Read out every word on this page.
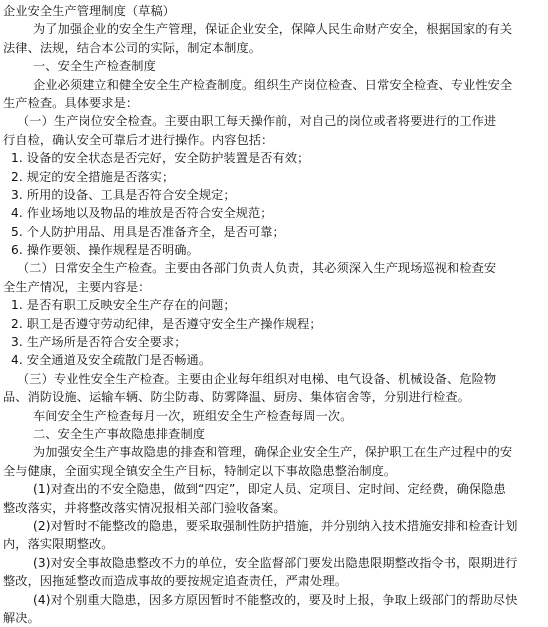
企业安全生产管理制度（草稿）
为了加强企业的安全生产管理，保证企业安全，保障人民生命财产安全，根据国家的有关
法律、法规，结合本公司的实际，制定本制度。
一、安全生产检查制度
企业必须建立和健全安全生产检查制度。组织生产岗位检查、日常安全检查、专业性安全
生产检查。具体要求是：
（一）生产岗位安全检查。主要由职工每天操作前，对自己的岗位或者将要进行的工作进
行自检，确认安全可靠后才进行操作。内容包括：
1. 设备的安全状态是否完好，安全防护装置是否有效；
2. 规定的安全措施是否落实；
3. 所用的设备、工具是否符合安全规定；
4. 作业场地以及物品的堆放是否符合安全规范；
5. 个人防护用品、用具是否准备齐全，是否可靠；
6. 操作要领、操作规程是否明确。
（二）日常安全生产检查。主要由各部门负责人负责，其必须深入生产现场巡视和检查安
全生产情况，主要内容是：
1. 是否有职工反映安全生产存在的问题；
2. 职工是否遵守劳动纪律，是否遵守安全生产操作规程；
3. 生产场所是否符合安全要求；
4. 安全通道及安全疏散门是否畅通。
（三）专业性安全生产检查。主要由企业每年组织对电梯、电气设备、机械设备、危险物
品、消防设施、运输车辆、防尘防毒、防雾降温、厨房、集体宿舍等，分别进行检查。
车间安全生产检查每月一次，班组安全生产检查每周一次。
二、安全生产事故隐患排查制度
为加强安全生产事故隐患的排查和管理，确保企业安全生产，保护职工在生产过程中的安
全与健康，全面实现全镇安全生产目标，特制定以下事故隐患整治制度。
(1)对查出的不安全隐患，做到“四定”，即定人员、定项目、定时间、定经费，确保隐患
整改落实，并将整改落实情况报相关部门验收备案。
(2)对暂时不能整改的隐患，要采取强制性防护措施，并分别纳入技术措施安排和检查计划
内，落实限期整改。
(3)对安全事故隐患整改不力的单位，安全监督部门要发出隐患限期整改指令书，限期进行
整改，因拖延整改而造成事故的要按规定追查责任，严肃处理。
(4)对个别重大隐患，因多方原因暂时不能整改的，要及时上报，争取上级部门的帮助尽快
解决。
